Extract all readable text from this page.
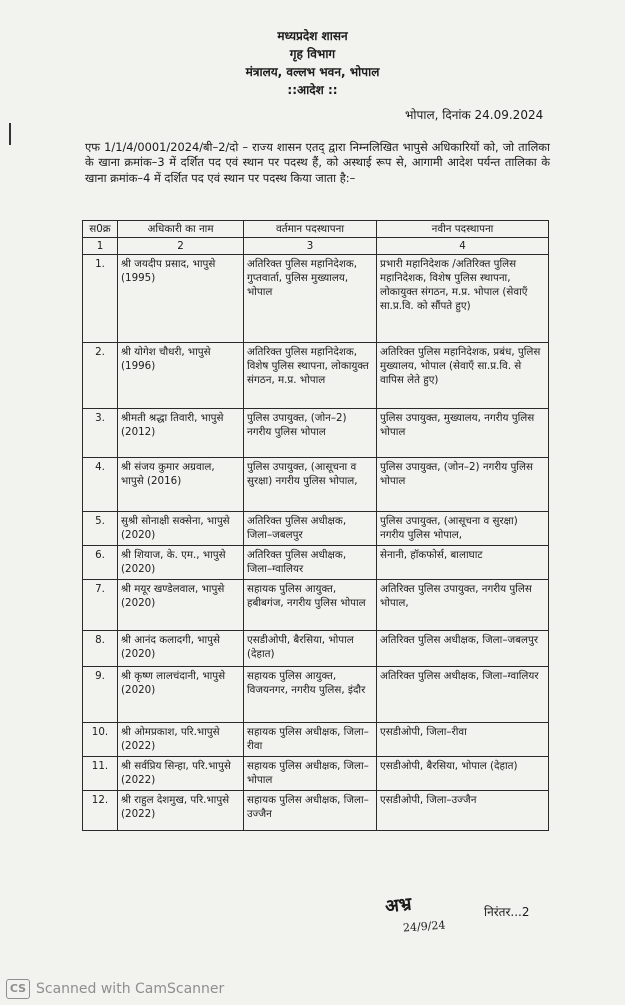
मध्यप्रदेश शासन
गृह विभाग
मंत्रालय, वल्लभ भवन, भोपाल
::आदेश ::
भोपाल, दिनांक 24.09.2024
एफ 1/1/4/0001/2024/बी–2/दो – राज्य शासन एतद् द्वारा निम्नलिखित भापुसे अधिकारियों को, जो तालिका के खाना क्रमांक–3 में दर्शित पद एवं स्थान पर पदस्थ हैं, को अस्थाई रूप से, आगामी आदेश पर्यन्त तालिका के खाना क्रमांक–4 में दर्शित पद एवं स्थान पर पदस्थ किया जाता है:–
स0क्र	अधिकारी का नाम	वर्तमान पदस्थापना	नवीन पदस्थापना
1	2	3	4
1.	श्री जयदीप प्रसाद, भापुसे (1995)	अतिरिक्त पुलिस महानिदेशक, गुप्तवार्ता, पुलिस मुख्यालय, भोपाल	प्रभारी महानिदेशक /अतिरिक्त पुलिस महानिदेशक, विशेष पुलिस स्थापना, लोकायुक्त संगठन, म.प्र. भोपाल (सेवाएँ सा.प्र.वि. को सौंपते हुए)
2.	श्री योगेश चौधरी, भापुसे (1996)	अतिरिक्त पुलिस महानिदेशक, विशेष पुलिस स्थापना, लोकायुक्त संगठन, म.प्र. भोपाल	अतिरिक्त पुलिस महानिदेशक, प्रबंध, पुलिस मुख्यालय, भोपाल (सेवाएँ सा.प्र.वि. से वापिस लेते हुए)
3.	श्रीमती श्रद्धा तिवारी, भापुसे (2012)	पुलिस उपायुक्त, (जोन–2) नगरीय पुलिस भोपाल	पुलिस उपायुक्त, मुख्यालय, नगरीय पुलिस भोपाल
4.	श्री संजय कुमार अग्रवाल, भापुसे (2016)	पुलिस उपायुक्त, (आसूचना व सुरक्षा) नगरीय पुलिस भोपाल,	पुलिस उपायुक्त, (जोन–2) नगरीय पुलिस भोपाल
5.	सुश्री सोनाक्षी सक्सेना, भापुसे (2020)	अतिरिक्त पुलिस अधीक्षक, जिला–जबलपुर	पुलिस उपायुक्त, (आसूचना व सुरक्षा) नगरीय पुलिस भोपाल,
6.	श्री शियाज, के. एम., भापुसे (2020)	अतिरिक्त पुलिस अधीक्षक, जिला–ग्वालियर	सेनानी, हॉकफोर्स, बालाघाट
7.	श्री मयूर खण्डेलवाल, भापुसे (2020)	सहायक पुलिस आयुक्त, हबीबगंज, नगरीय पुलिस भोपाल	अतिरिक्त पुलिस उपायुक्त, नगरीय पुलिस भोपाल,
8.	श्री आनंद कलादगी, भापुसे (2020)	एसडीओपी, बैरसिया, भोपाल (देहात)	अतिरिक्त पुलिस अधीक्षक, जिला–जबलपुर
9.	श्री कृष्ण लालचंदानी, भापुसे (2020)	सहायक पुलिस आयुक्त, विजयनगर, नगरीय पुलिस, इंदौर	अतिरिक्त पुलिस अधीक्षक, जिला–ग्वालियर
10.	श्री ओमप्रकाश, परि.भापुसे (2022)	सहायक पुलिस अधीक्षक, जिला–रीवा	एसडीओपी, जिला–रीवा
11.	श्री सर्वप्रिय सिन्हा, परि.भापुसे (2022)	सहायक पुलिस अधीक्षक, जिला–भोपाल	एसडीओपी, बैरसिया, भोपाल (देहात)
12.	श्री राहुल देशमुख, परि.भापुसे (2022)	सहायक पुलिस अधीक्षक, जिला–उज्जैन	एसडीओपी, जिला–उज्जैन
अभ्र
24/9/24
निरंतर...2
CS Scanned with CamScanner
